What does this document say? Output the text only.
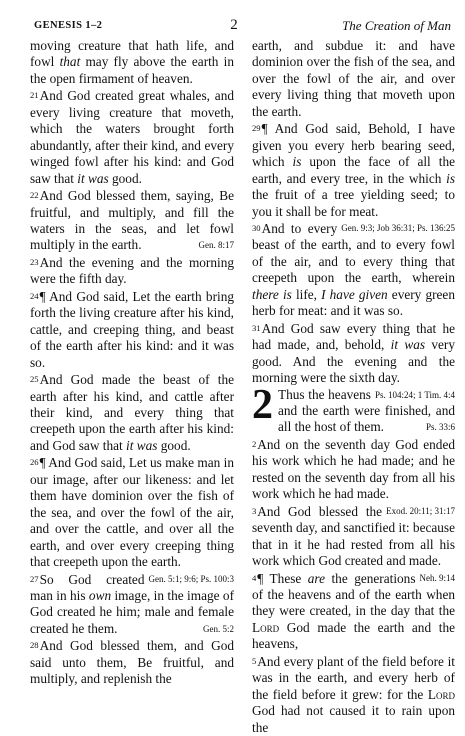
GENESIS 1–2	2	The Creation of Man

moving creature that hath life, and fowl that may fly above the earth in the open firmament of heaven.

21And God created great whales, and every living creature that moveth, which the waters brought forth abundantly, after their kind, and every winged fowl after his kind: and God saw that it was good.

22And God blessed them, saying, Be fruitful, and multiply, and fill the waters in the seas, and let fowl multiply in the earth.	Gen. 8:17

23And the evening and the morning were the fifth day.

24¶ And God said, Let the earth bring forth the living creature after his kind, cattle, and creeping thing, and beast of the earth after his kind: and it was so.

25And God made the beast of the earth after his kind, and cattle after their kind, and every thing that creepeth upon the earth after his kind: and God saw that it was good.

26¶ And God said, Let us make man in our image, after our likeness: and let them have dominion over the fish of the sea, and over the fowl of the air, and over the cattle, and over all the earth, and over every creeping thing that creepeth upon the earth.
Gen. 5:1; 9:6; Ps. 100:3

27So God created man in his own image, in the image of God created he him; male and female created he them.	Gen. 5:2

28And God blessed them, and God said unto them, Be fruitful, and multiply, and replenish the

earth, and subdue it: and have dominion over the fish of the sea, and over the fowl of the air, and over every living thing that moveth upon the earth.

29¶ And God said, Behold, I have given you every herb bearing seed, which is upon the face of all the earth, and every tree, in the which is the fruit of a tree yielding seed; to you it shall be for meat.
Gen. 9:3; Job 36:31; Ps. 136:25

30And to every beast of the earth, and to every fowl of the air, and to every thing that creepeth upon the earth, wherein there is life, I have given every green herb for meat: and it was so.

31And God saw every thing that he had made, and, behold, it was very good. And the evening and the morning were the sixth day.
Ps. 104:24; 1 Tim. 4:4

2 Thus the heavens and the earth were finished, and all the host of them.	Ps. 33:6

2And on the seventh day God ended his work which he had made; and he rested on the seventh day from all his work which he had made.
Exod. 20:11; 31:17

3And God blessed the seventh day, and sanctified it: because that in it he had rested from all his work which God created and made.
Neh. 9:14

4¶ These are the generations of the heavens and of the earth when they were created, in the day that the Lord God made the earth and the heavens,

5And every plant of the field before it was in the earth, and every herb of the field before it grew: for the Lord God had not caused it to rain upon the
